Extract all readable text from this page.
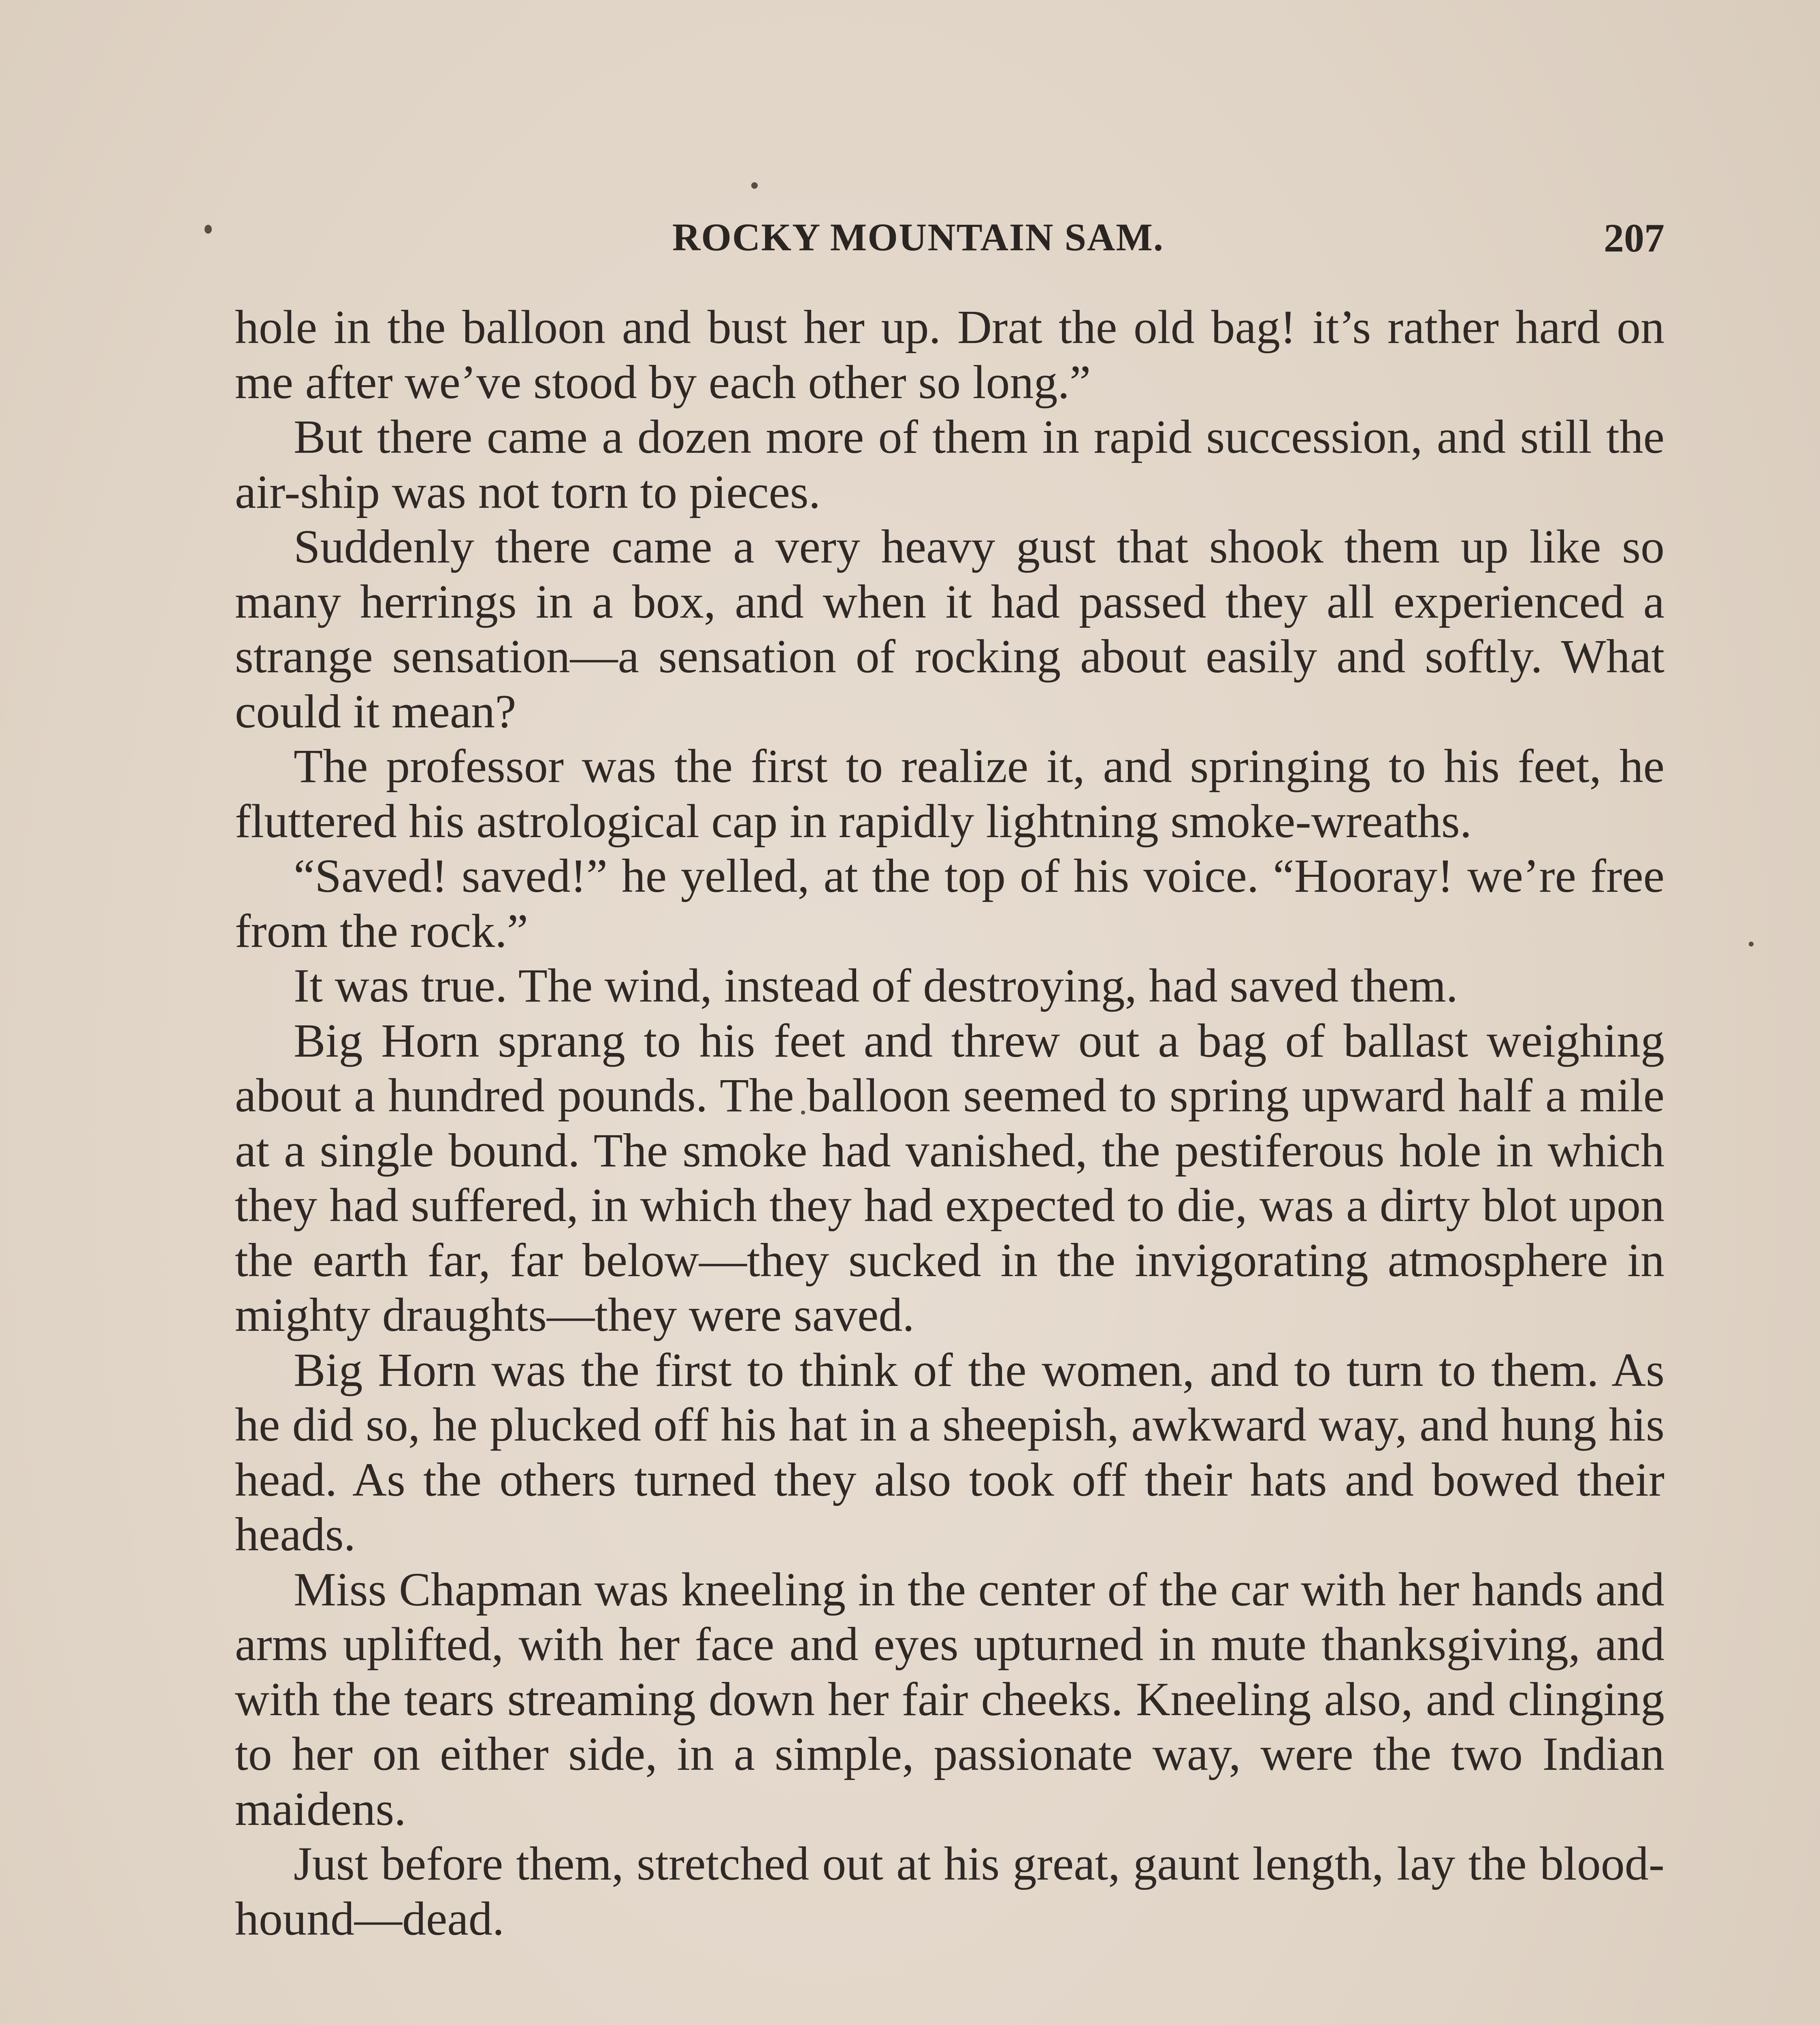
ROCKY MOUNTAIN SAM.	207

hole in the balloon and bust her up. Drat the old bag! it’s rather hard on me after we’ve stood by each other so long.”

But there came a dozen more of them in rapid succession, and still the air-ship was not torn to pieces.

Suddenly there came a very heavy gust that shook them up like so many herrings in a box, and when it had passed they all experienced a strange sensation—a sensation of rocking about easily and softly. What could it mean?

The professor was the first to realize it, and springing to his feet, he fluttered his astrological cap in rapidly lightning smoke-wreaths.

“Saved! saved!” he yelled, at the top of his voice. “Hooray! we’re free from the rock.”

It was true. The wind, instead of destroying, had saved them.

Big Horn sprang to his feet and threw out a bag of ballast weighing about a hundred pounds. The balloon seemed to spring upward half a mile at a single bound. The smoke had vanished, the pestiferous hole in which they had suffered, in which they had expected to die, was a dirty blot upon the earth far, far below—they sucked in the invigorating atmosphere in mighty draughts—they were saved.

Big Horn was the first to think of the women, and to turn to them. As he did so, he plucked off his hat in a sheepish, awkward way, and hung his head. As the others turned they also took off their hats and bowed their heads.

Miss Chapman was kneeling in the center of the car with her hands and arms uplifted, with her face and eyes upturned in mute thanksgiving, and with the tears streaming down her fair cheeks. Kneeling also, and clinging to her on either side, in a simple, passionate way, were the two Indian maidens.

Just before them, stretched out at his great, gaunt length, lay the blood-hound—dead.
